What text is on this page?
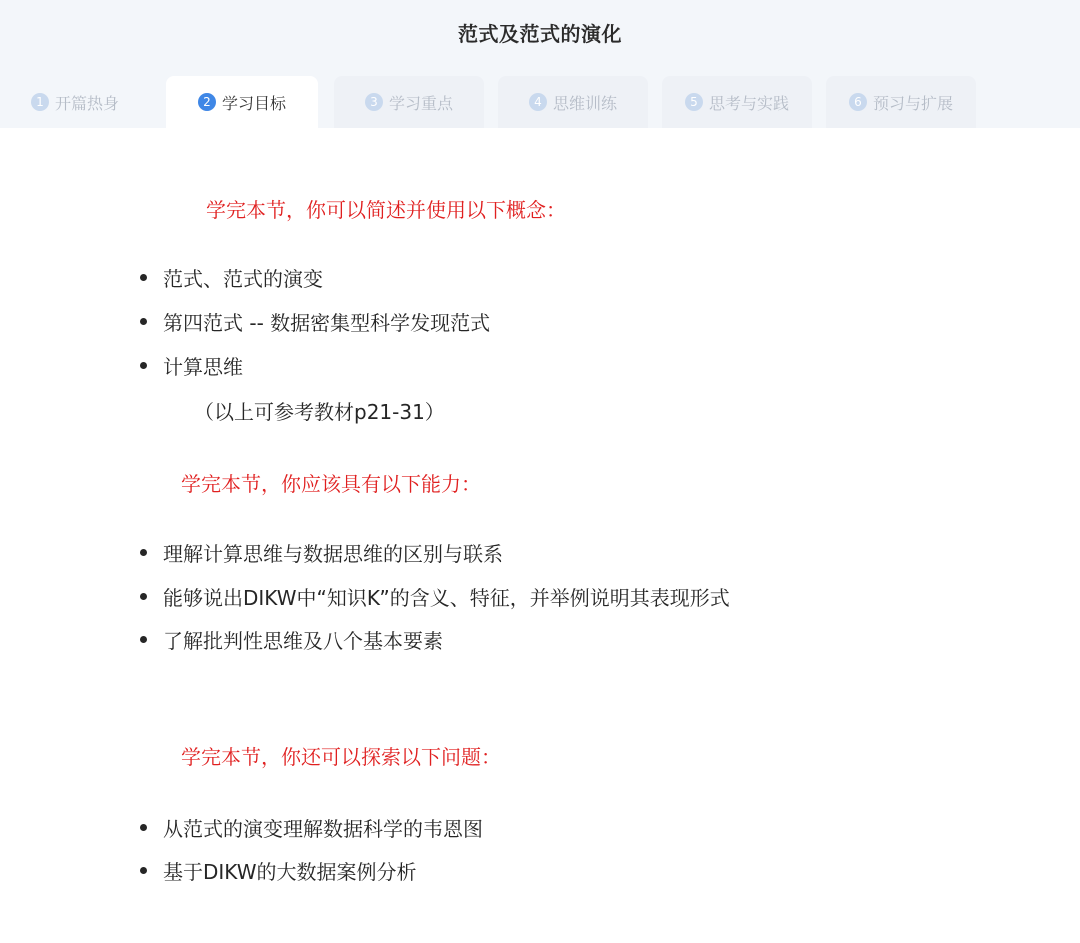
范式及范式的演化
1 开篇热身	2 学习目标	3 学习重点	4 思维训练	5 思考与实践	6 预习与扩展
学完本节，你可以简述并使用以下概念：
范式、范式的演变
第四范式 -- 数据密集型科学发现范式
计算思维
（以上可参考教材p21-31）
学完本节，你应该具有以下能力：
理解计算思维与数据思维的区别与联系
能够说出DIKW中“知识K”的含义、特征，并举例说明其表现形式
了解批判性思维及八个基本要素
学完本节，你还可以探索以下问题：
从范式的演变理解数据科学的韦恩图
基于DIKW的大数据案例分析
